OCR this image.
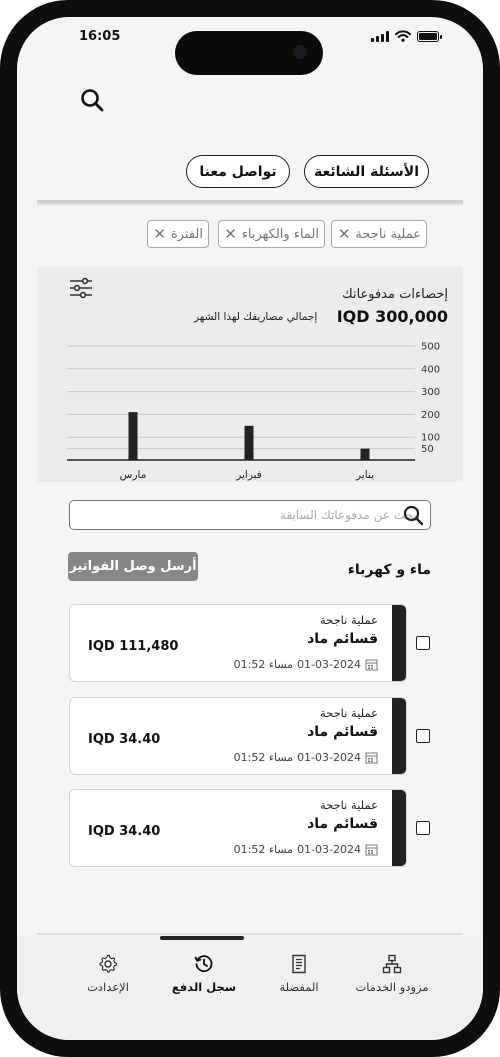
16:05
الأسئلة الشائعة
تواصل معنا
عملية ناجحة
✕
الماء والكهرباء
✕
الفترة
✕
إحصاءات مدفوعاتك
IQD 300,000
إجمالي مصاريفك لهذا الشهر
50
100
200
300
400
500
يناير
فبراير
مارس
أبحث عن مدفوعاتك السابقة
أرسل وصل الفواتير	ماء و كهرباء
عملية ناجحة
قسائم ماد
01:52 مساء 01-03-2024
IQD 111,480
عملية ناجحة
قسائم ماد
01:52 مساء 01-03-2024
IQD 34.40
عملية ناجحة
قسائم ماد
01:52 مساء 01-03-2024
IQD 34.40
مزودو الخدمات
المفضلة
سجل الدفع
الإعدادت
